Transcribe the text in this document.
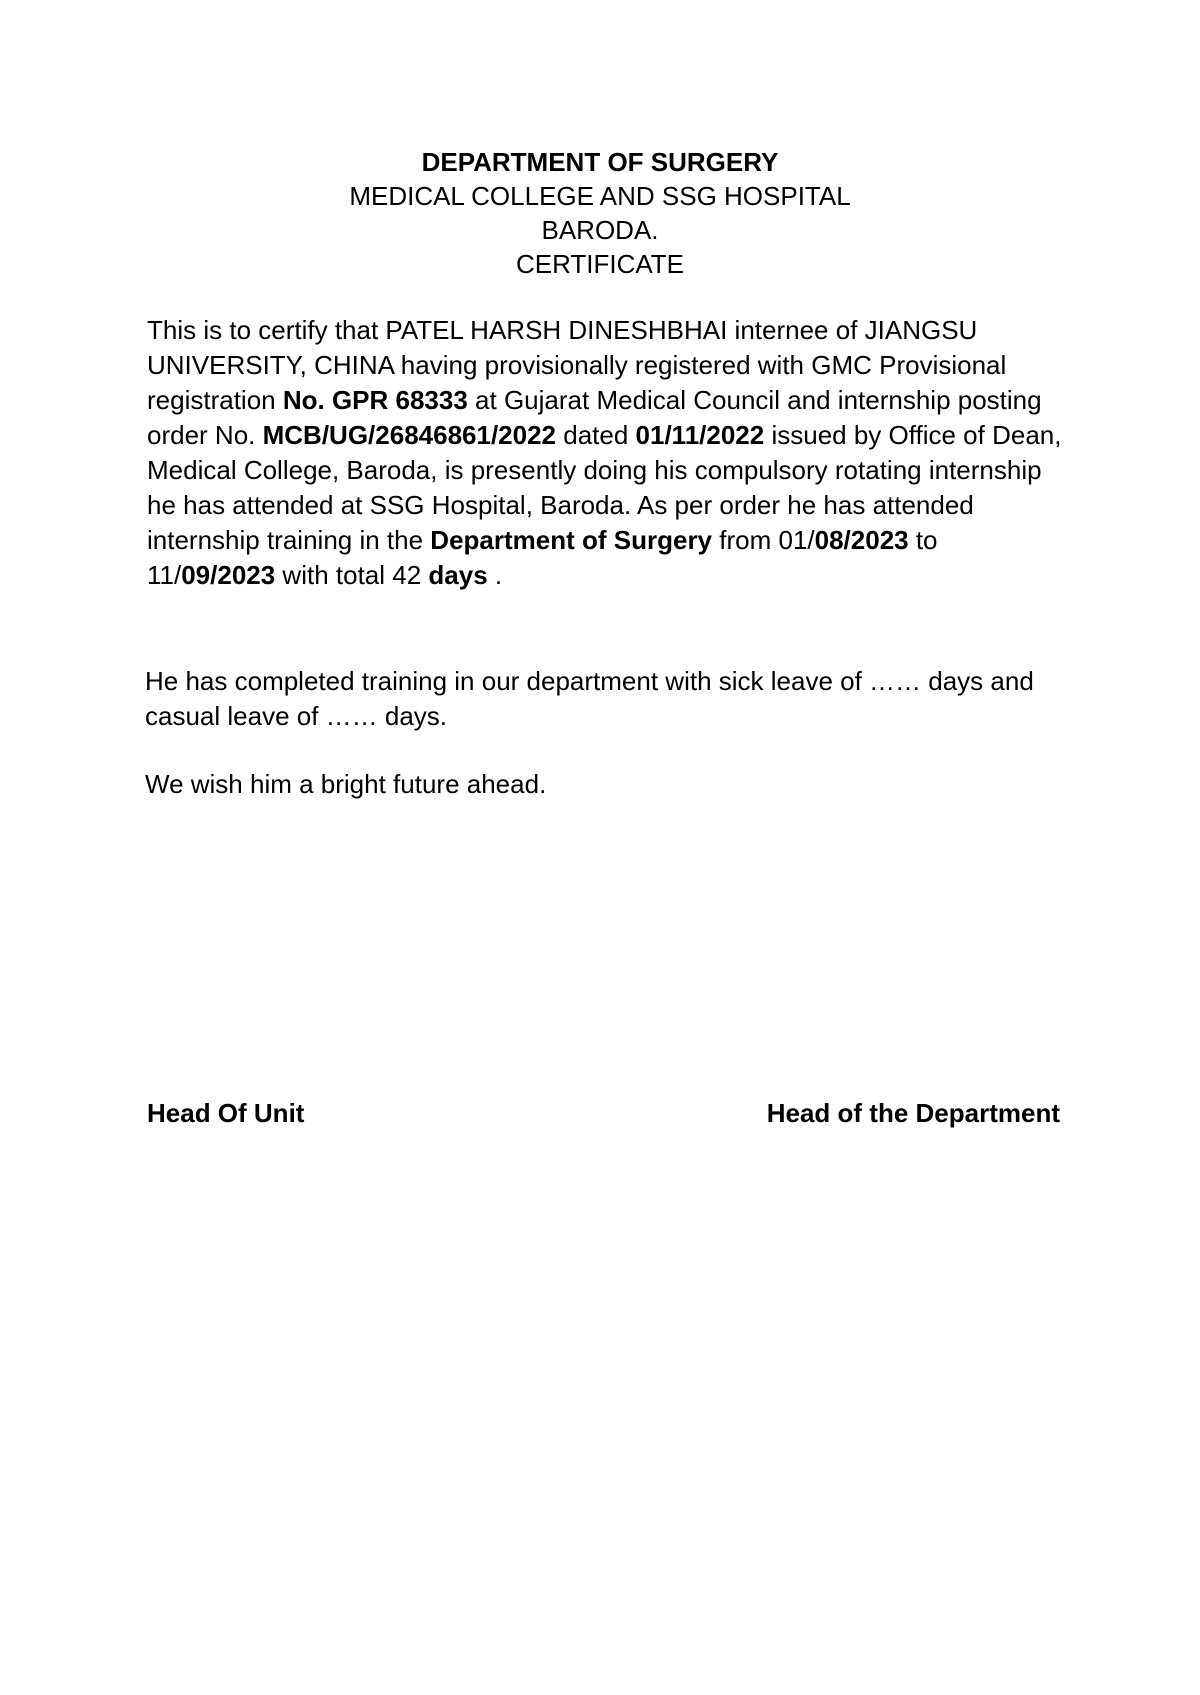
DEPARTMENT OF SURGERY
MEDICAL COLLEGE AND SSG HOSPITAL
BARODA.
CERTIFICATE
This is to certify that PATEL HARSH DINESHBHAI internee of JIANGSU UNIVERSITY, CHINA having provisionally registered with GMC Provisional registration No. GPR 68333 at Gujarat Medical Council and internship posting order No. MCB/UG/26846861/2022 dated 01/11/2022 issued by Office of Dean, Medical College, Baroda, is presently doing his compulsory rotating internship he has attended at SSG Hospital, Baroda. As per order he has attended internship training in the Department of Surgery from 01/08/2023 to 11/09/2023 with total 42 days .
He has completed training in our department with sick leave of …… days and casual leave of …… days.
We wish him a bright future ahead.
Head Of Unit	Head of the Department
